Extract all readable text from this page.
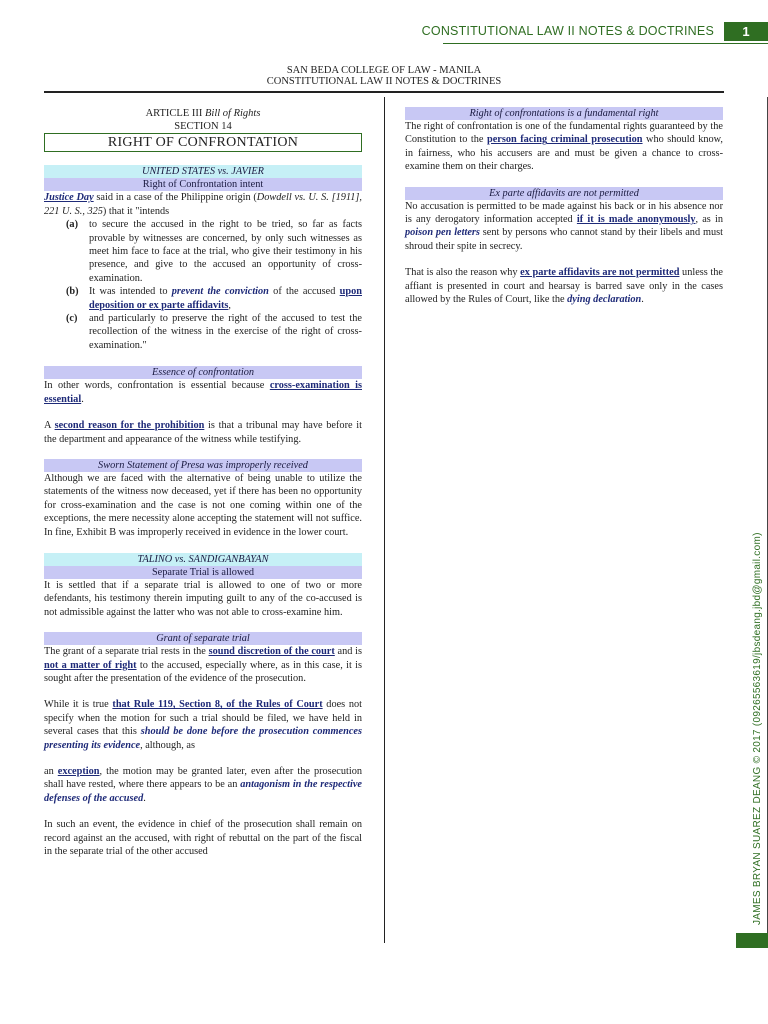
CONSTITUTIONAL LAW II NOTES & DOCTRINES	1
SAN BEDA COLLEGE OF LAW - MANILA
CONSTITUTIONAL LAW II NOTES & DOCTRINES
JAMES BRYAN SUAREZ DEANG © 2017 (09265563619/jbsdeang.jbd@gmail.com)
ARTICLE III Bill of Rights
SECTION 14
RIGHT OF CONFRONTATION
UNITED STATES vs. JAVIER
Right of Confrontation intent

Justice Day said in a case of the Philippine origin (Dowdell vs. U. S. [1911], 221 U. S., 325) that it "intends

(a) to secure the accused in the right to be tried, so far as facts provable by witnesses are concerned, by only such witnesses as meet him face to face at the trial, who give their testimony in his presence, and give to the accused an opportunity of cross-examination.
(b) It was intended to prevent the conviction of the accused upon deposition or ex parte affidavits,
(c) and particularly to preserve the right of the accused to test the recollection of the witness in the exercise of the right of cross-examination."
Essence of confrontation

In other words, confrontation is essential because cross-examination is essential.

A second reason for the prohibition is that a tribunal may have before it the department and appearance of the witness while testifying.

Sworn Statement of Presa was improperly received

Although we are faced with the alternative of being unable to utilize the statements of the witness now deceased, yet if there has been no opportunity for cross-examination and the case is not one coming within one of the exceptions, the mere necessity alone accepting the statement will not suffice. In fine, Exhibit B was improperly received in evidence in the lower court.

TALINO vs. SANDIGANBAYAN
Separate Trial is allowed

It is settled that if a separate trial is allowed to one of two or more defendants, his testimony therein imputing guilt to any of the co-accused is not admissible against the latter who was not able to cross-examine him.

Grant of separate trial

The grant of a separate trial rests in the sound discretion of the court and is not a matter of right to the accused, especially where, as in this case, it is sought after the presentation of the evidence of the prosecution.

While it is true that Rule 119, Section 8, of the Rules of Court does not specify when the motion for such a trial should be filed, we have held in several cases that this should be done before the prosecution commences presenting its evidence, although, as

an exception, the motion may be granted later, even after the prosecution shall have rested, where there appears to be an antagonism in the respective defenses of the accused.

In such an event, the evidence in chief of the prosecution shall remain on record against an the accused, with right of rebuttal on the part of the fiscal in the separate trial of the other accused

Right of confrontations is a fundamental right

The right of confrontation is one of the fundamental rights guaranteed by the Constitution to the person facing criminal prosecution who should know, in fairness, who his accusers are and must be given a chance to cross-examine them on their charges.

Ex parte affidavits are not permitted

No accusation is permitted to be made against his back or in his absence nor is any derogatory information accepted if it is made anonymously, as in poison pen letters sent by persons who cannot stand by their libels and must shroud their spite in secrecy.

That is also the reason why ex parte affidavits are not permitted unless the affiant is presented in court and hearsay is barred save only in the cases allowed by the Rules of Court, like the dying declaration.
